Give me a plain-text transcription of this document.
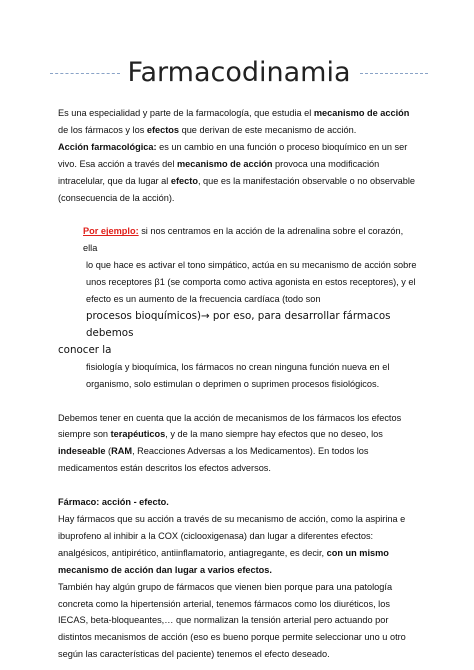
Farmacodinamia

Es una especialidad y parte de la farmacología, que estudia el mecanismo de acción de los fármacos y los efectos que derivan de este mecanismo de acción.

Acción farmacológica: es un cambio en una función o proceso bioquímico en un ser vivo. Esa acción a través del mecanismo de acción provoca una modificación intracelular, que da lugar al efecto, que es la manifestación observable o no observable (consecuencia de la acción).

Por ejemplo: si nos centramos en la acción de la adrenalina sobre el corazón, ella

lo que hace es activar el tono simpático, actúa en su mecanismo de acción sobre

unos receptores β1 (se comporta como activa agonista en estos receptores), y el

efecto es un aumento de la frecuencia cardíaca (todo son

procesos bioquímicos)→ por eso, para desarrollar fármacos debemos

conocer la

fisiología y bioquímica, los fármacos no crean ninguna función nueva en el

organismo, solo estimulan o deprimen o suprimen procesos fisiológicos.

Debemos tener en cuenta que la acción de mecanismos de los fármacos los efectos siempre son terapéuticos, y de la mano siempre hay efectos que no deseo, los indeseable (RAM, Reacciones Adversas a los Medicamentos). En todos los medicamentos están descritos los efectos adversos.

Fármaco: acción - efecto.

Hay fármacos que su acción a través de su mecanismo de acción, como la aspirina e ibuprofeno al inhibir a la COX (ciclooxigenasa) dan lugar a diferentes efectos: analgésicos, antipirético, antiinflamatorio, antiagregante, es decir, con un mismo mecanismo de acción dan lugar a varios efectos.

También hay algún grupo de fármacos que vienen bien porque para una patología concreta como la hipertensión arterial, tenemos fármacos como los diuréticos, los IECAS, beta-bloqueantes,… que normalizan la tensión arterial pero actuando por distintos mecanismos de acción (eso es bueno porque permite seleccionar uno u otro según las características del paciente) tenemos el efecto deseado.
